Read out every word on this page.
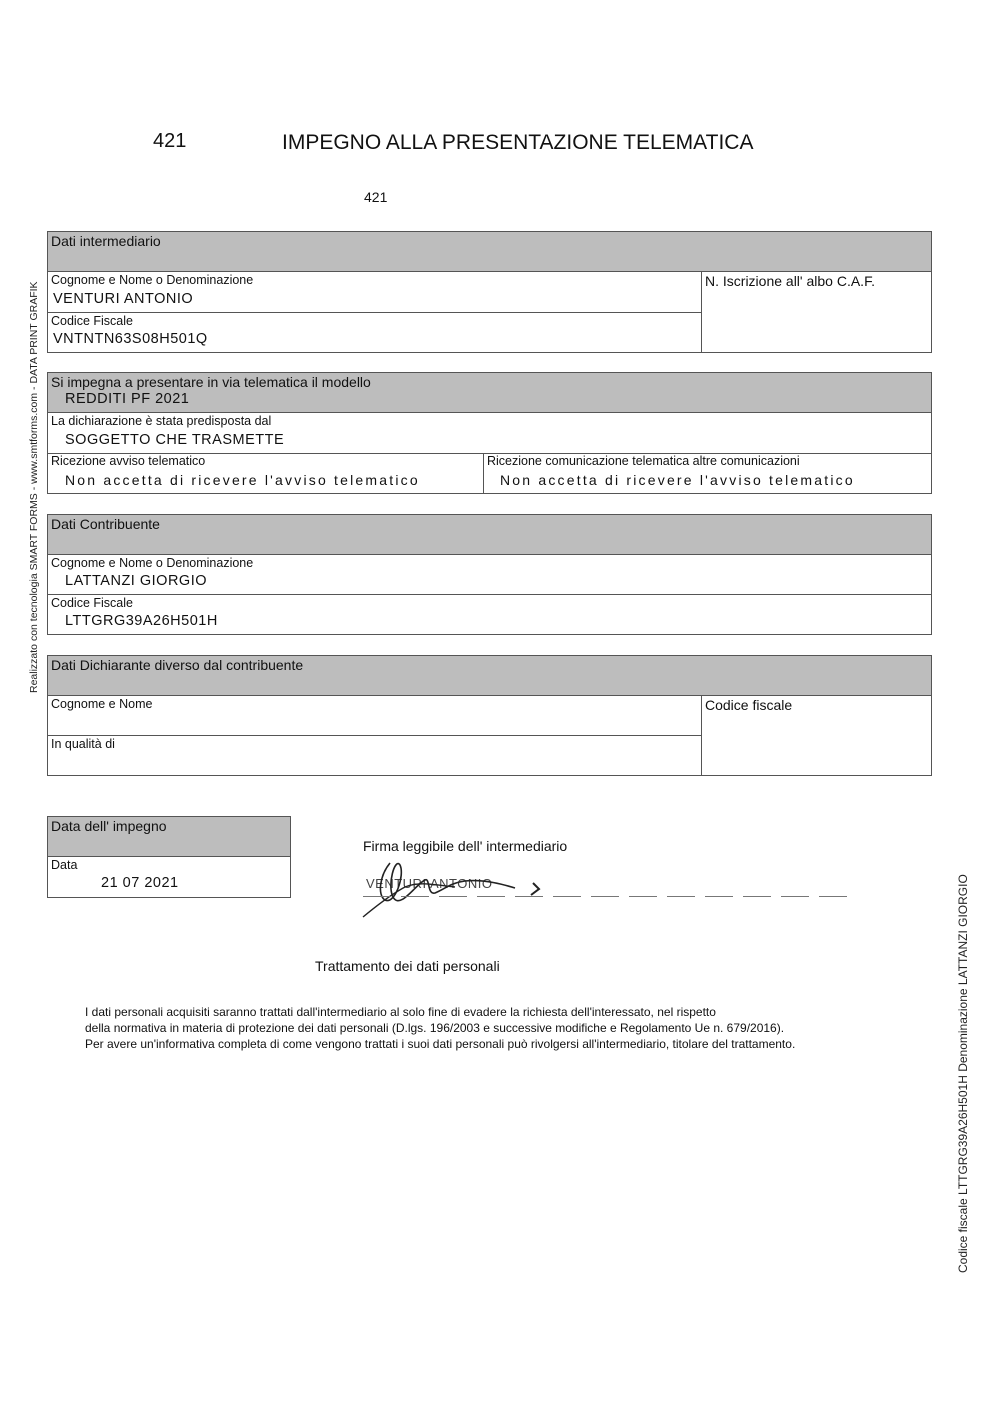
421	IMPEGNO ALLA PRESENTAZIONE TELEMATICA
421
Realizzato con tecnologia SMART FORMS - www.smtforms.com - DATA PRINT GRAFIK
Codice fiscale LTTGRG39A26H501H Denominazione LATTANZI GIORGIO
Dati intermediario
Cognome e Nome o Denominazione
VENTURI ANTONIO
Codice Fiscale
VNTNTN63S08H501Q
N. Iscrizione all' albo C.A.F.
Si impegna a presentare in via telematica il modello
REDDITI PF 2021
La dichiarazione è stata predisposta dal
SOGGETTO CHE TRASMETTE
Ricezione avviso telematico
Non accetta di ricevere l'avviso telematico
Ricezione comunicazione telematica altre comunicazioni
Non accetta di ricevere l'avviso telematico
Dati Contribuente
Cognome e Nome o Denominazione
LATTANZI GIORGIO
Codice Fiscale
LTTGRG39A26H501H
Dati Dichiarante diverso dal contribuente
Cognome e Nome	Codice fiscale
In qualità di
Data dell' impegno
Data
21 07 2021
Firma leggibile dell' intermediario
VENTURI ANTONIO
Trattamento dei dati personali
I dati personali acquisiti saranno trattati dall'intermediario al solo fine di evadere la richiesta dell'interessato, nel rispetto
della normativa in materia di protezione dei dati personali (D.lgs. 196/2003 e successive modifiche e Regolamento Ue n. 679/2016).
Per avere un'informativa completa di come vengono trattati i suoi dati personali può rivolgersi all'intermediario, titolare del trattamento.
